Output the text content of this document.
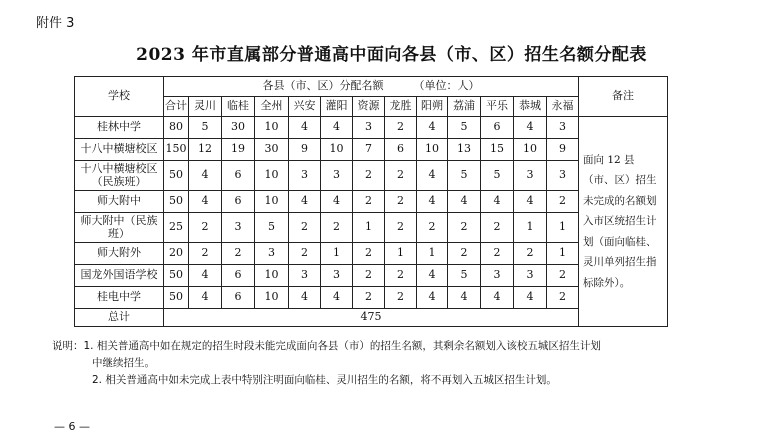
附件 3
2023 年市直属部分普通高中面向各县（市、区）招生名额分配表
学校	各县（市、区）分配名额 （单位：人）													备注
	合计	灵川	临桂	全州	兴安	灌阳	资源	龙胜	阳朔	荔浦	平乐	恭城	永福	
桂林中学	80	5	30	10	4	4	3	2	4	5	6	4	3	面向 12 县（市、区）招生未完成的名额划入市区统招生计划（面向临桂、灵川单列招生指标除外）。
十八中横塘校区	150	12	19	30	9	10	7	6	10	13	15	10	9	
十八中横塘校区（民族班）	50	4	6	10	3	3	2	2	4	5	5	3	3	
师大附中	50	4	6	10	4	4	2	2	4	4	4	4	2	
师大附中（民族班）	25	2	3	5	2	2	1	2	2	2	2	1	1	
师大附外	20	2	2	3	2	1	2	1	1	2	2	2	1	
国龙外国语学校	50	4	6	10	3	3	2	2	4	5	3	3	2	
桂电中学	50	4	6	10	4	4	2	2	4	4	4	4	2	
总计	475													
说明：1. 相关普通高中如在规定的招生时段未能完成面向各县（市）的招生名额，其剩余名额划入该校五城区招生计划
中继续招生。
2. 相关普通高中如未完成上表中特别注明面向临桂、灵川招生的名额，将不再划入五城区招生计划。
— 6 —
